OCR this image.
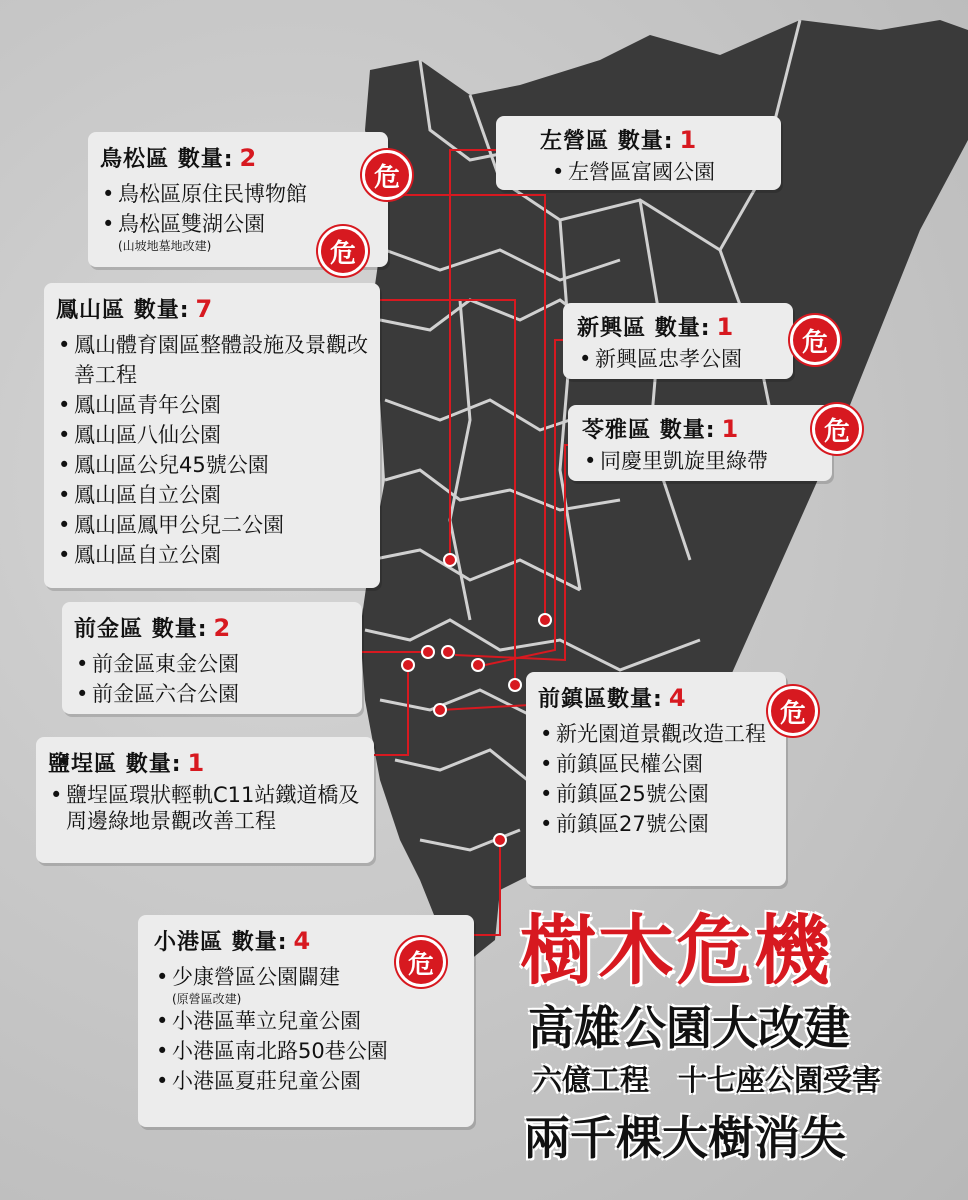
鳥松區 數量: 2
• 鳥松區原住民博物館
• 鳥松區雙湖公園
(山坡地墓地改建)
危
危
左營區 數量: 1
• 左營區富國公園
鳳山區 數量: 7
• 鳳山體育園區整體設施及景觀改善工程
• 鳳山區青年公園
• 鳳山區八仙公園
• 鳳山區公兒45號公園
• 鳳山區自立公園
• 鳳山區鳳甲公兒二公園
• 鳳山區自立公園
新興區 數量: 1
• 新興區忠孝公園
危
苓雅區 數量: 1
• 同慶里凱旋里綠帶
危
前金區 數量: 2
• 前金區東金公園
• 前金區六合公園	前鎮區數量: 4
• 新光園道景觀改造工程
• 前鎮區民權公園
• 前鎮區25號公園
• 前鎮區27號公園
危
鹽埕區 數量: 1
• 鹽埕區環狀輕軌C11站鐵道橋及周邊綠地景觀改善工程
小港區 數量: 4
• 少康營區公園闢建
(原營區改建)
• 小港區華立兒童公園
• 小港區南北路50巷公園
• 小港區夏莊兒童公園
危 樹木危機
高雄公園大改建
六億工程　十七座公園受害
兩千棵大樹消失
